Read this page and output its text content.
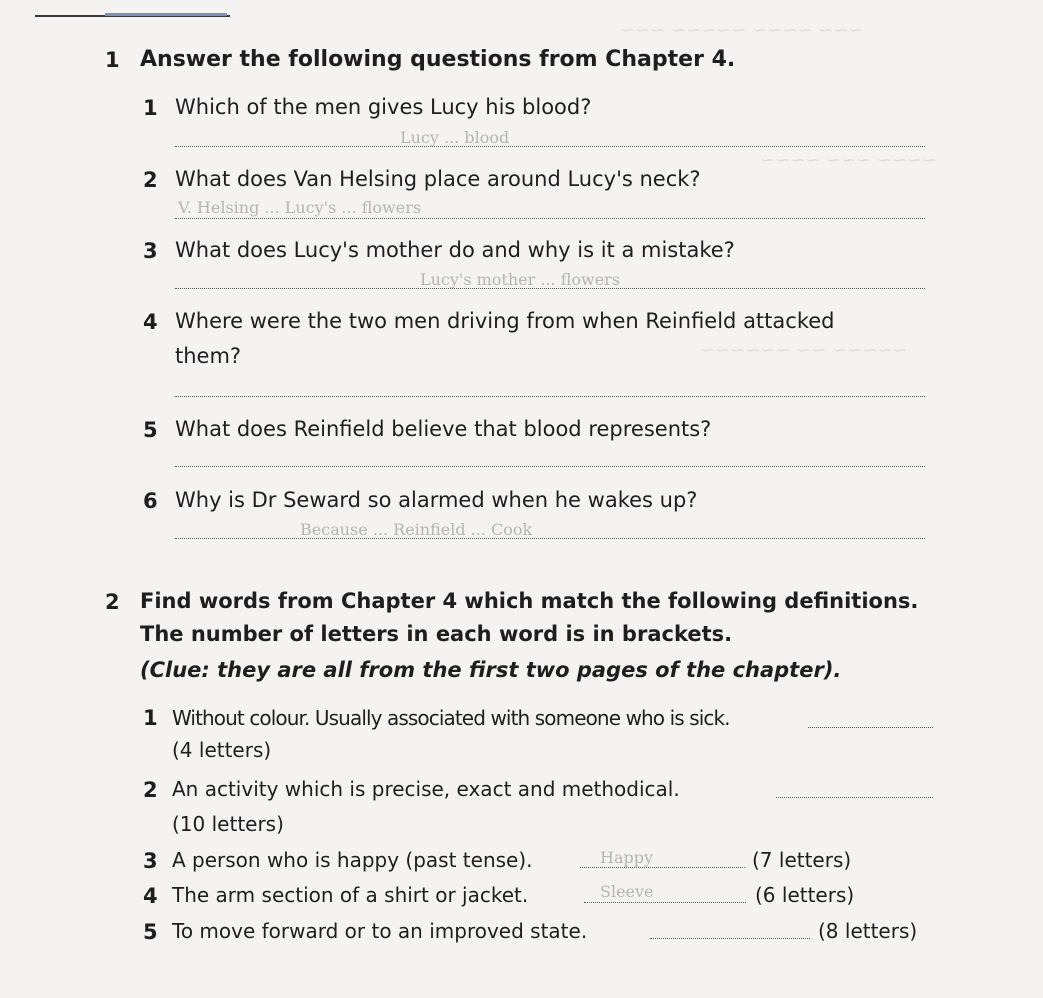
~~~ ~~~~ ~~~~~ ~~~
~~~~ ~~~ ~~~~
~~~~~ ~~ ~~~~~~
1 Answer the following questions from Chapter 4.
1 Which of the men gives Lucy his blood?
Lucy ... blood
2 What does Van Helsing place around Lucy's neck?
V. Helsing ... Lucy's ... flowers
3 What does Lucy's mother do and why is it a mistake?
Lucy's mother ... flowers
4 Where were the two men driving from when Reinfield attacked
them?
5 What does Reinfield believe that blood represents?
6 Why is Dr Seward so alarmed when he wakes up?
Because ... Reinfield ... Cook
2 Find words from Chapter 4 which match the following definitions.
The number of letters in each word is in brackets.
(Clue: they are all from the first two pages of the chapter).
1 Without colour. Usually associated with someone who is sick.
(4 letters)
2 An activity which is precise, exact and methodical.
(10 letters)
3 A person who is happy (past tense).	Happy	(7 letters)
4 The arm section of a shirt or jacket.	Sleeve	(6 letters)
5 To move forward or to an improved state.	(8 letters)
